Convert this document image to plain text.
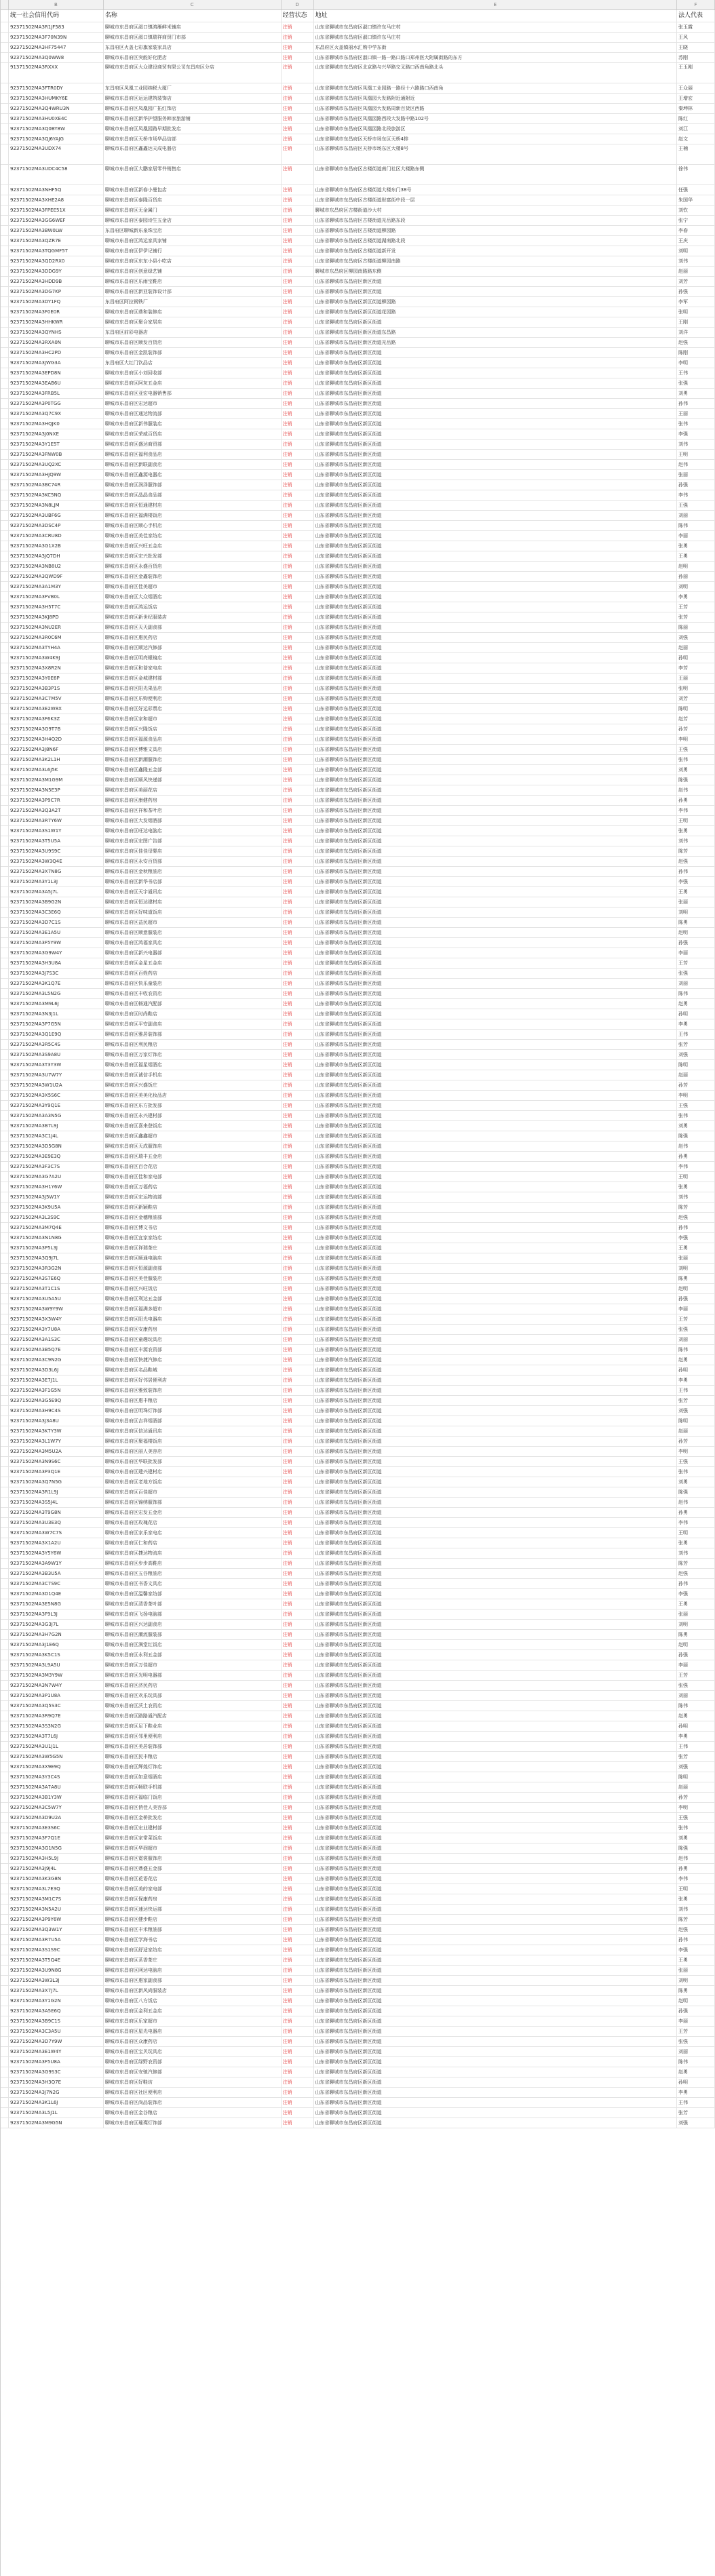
B	C	D	E	F
统一社会信用代码	名称	经营状态	地址	法人代表
92371502MA3R1JF583	聊城市东昌府区淑口镇鸿雁鲜米铺店	注销	山东省聊城市东昌府区淑口镇许东马庄村	张玉霞
92371502MA3F70N39N	聊城市东昌府区淑口镇瑞祥商贸门市部	注销	山东省聊城市东昌府区淑口镇许东马庄村	王风
92371502MA3HF75447	东昌府区火盖七彩旗家装家具店	注销	东昌府区火盖镇丽水汇购中学东街	王晓
92371502MA3Q0WW8	聊城市东昌府区突能好化肥店	注销	山东省聊城市东昌府区淑口镇一路一路口路口郑州医大附属街路的东方	苏刚
91371502MA3RXXX	聊城市东昌府区大众建设商贸有限公司东昌府区分店	注销	山东省聊城市东昌府区北京路与兴华路交叉路口西南角路北头	王玉刚
92371502MA3FTR0DY	东昌府区凤凰工业园纳税大厦厂	注销	山东省聊城市东昌府区凤凰工业园路一路经十六路路口西南角	王众丽
92371502MA3HUMKY6E	聊城市东昌府区运运建筑装饰店	注销	山东省聊城市东昌府区凤凰园大发路附近通附近	王增宏
92371502MA3Q4WRU3N	聊城市东昌府区凤凰园广拓红饰店	注销	山东省聊城市东昌府区凤凰园大发路周新百货区西路	秦坤林
92371502MA3HU0XE4C	聊城市东昌府区新华护望服务韩家旅游铺	注销	山东省聊城市东昌府区凤凰园路西段大发路中路102号	陈红
92371502MA3Q0BY8W	聊城市东昌府区凤凰园路早期批发店	注销	山东省聊城市东昌府区凤凰园路北段旅游区	刘江
92371502MA3QJ6YAJG	聊城市东昌府区天桥市场华品信部	注销	山东省聊城市东昌府区天桥市场东区天桥4排	赵文
92371502MA3UDX74	聊城市东昌府区鑫鑫达天成电器店	注销	山东省聊城市东昌府区天桥市场东区大楼8号	王楠
92371502MA3UDC4C58	聊城市东昌府区大鹏家居零件销售店	注销	山东省聊城市东昌府区古楼街道南门社区大楼路东侧	徐伟
92371502MA3NHF5Q	聊城市东昌府区新春小曼包店	注销	山东省聊城市东昌府区古楼街道大楼东门38号	任强
92371502MA3XHE2A8	聊城市东昌府区泰隆百货店	注销	山东省聊城市东昌府区古楼街道财富街中段一层	朱国华
92371502MA3FPEE51X	聊城市东昌府区无金属门	注销	聊城市东昌府区古楼街道沙大村	刘钦
92371502MA3GG6WEF	聊城市东昌府区泰园诗生五金店	注销	山东省聊城市东昌府区古楼街道光岳路东段	张宁
92371502MA3BW0LW	东昌府区聊城新东泉珠宝店	注销	山东省聊城市东昌府区古楼街道柳园路	李春
92371502MA3QZR7E	聊城市东昌府区鸿运家具家铺	注销	山东省聊城市东昌府区古楼街道湖南路北段	王庆
92371502MA3TQGMF5T	聊城市东昌府区伊伊记铺行	注销	山东省聊城市东昌府区古楼街道新开发	刘明
92371502MA3QD2RX0	聊城市东昌府区东东小县小吃店	注销	山东省聊城市东昌府区古楼街道柳园南路	刘伟
92371502MA3DDG9Y	聊城市东昌府区创意绿艺铺	注销	聊城市东昌府区柳园南路路东侧	赵丽
92371502MA3HDD9B	聊城市东昌府区乐雨宝鞋店	注销	山东省聊城市东昌府区新区街道	刘芳
92371502MA3DG7KP	聊城市东昌府区新亚装饰设计部	注销	山东省聊城市东昌府区新区街道	孙强
92371502MA3DY1FQ	东昌府区阿拉钢铁厂	注销	山东省聊城市东昌府区新区街道柳园路	李军
92371502MA3F0E0R	聊城市东昌府区鼎和装修店	注销	山东省聊城市东昌府区新区街道花园路	张明
92371502MA3HHKWR	聊城市东昌府区聚合家居店	注销	山东省聊城市东昌府区新区街道	王刚
92371502MA3QYNHS	东昌府区前彩电器店	注销	山东省聊城市东昌府区新区街道东昌路	刘洋
92371502MA3RXA0N	聊城市东昌府区顺发百货店	注销	山东省聊城市东昌府区新区街道光岳路	赵强
92371502MA3HC2PD	聊城市东昌府区金凯装饰部	注销	山东省聊城市东昌府区新区街道	陈刚
92371502MA3JWG3A	东昌府区大红门饮品店	注销	山东省聊城市东昌府区新区街道	李明
92371502MA3EPD8N	聊城市东昌府区小刘回收部	注销	山东省聊城市东昌府区新区街道	王伟
92371502MA3EAB6U	聊城市东昌府区阿灰五金店	注销	山东省聊城市东昌府区新区街道	张强
92371502MA3FRB5L	聊城市东昌府区亚宏电器销售部	注销	山东省聊城市东昌府区新区街道	刘勇
92371502MA3P0TGG	聊城市东昌府区宏达超市	注销	山东省聊城市东昌府区新区街道	孙伟
92371502MA3Q7C9X	聊城市东昌府区通达物流部	注销	山东省聊城市东昌府区新区街道	王丽
92371502MA3HQJK0	聊城市东昌府区新伟服装店	注销	山东省聊城市东昌府区新区街道	张伟
92371502MA3J0NXE	聊城市东昌府区荣威百货店	注销	山东省聊城市东昌府区新区街道	李强
92371502MA3Y1E5T	聊城市东昌府区盛达商贸部	注销	山东省聊城市东昌府区新区街道	刘伟
92371502MA3FNW0B	聊城市东昌府区福利食品店	注销	山东省聊城市东昌府区新区街道	王明
92371502MA3UQ2XC	聊城市东昌府区新联副食店	注销	山东省聊城市东昌府区新区街道	赵伟
92371502MA3HJQ9W	聊城市东昌府区鑫源电器店	注销	山东省聊城市东昌府区新区街道	张丽
92371502MA3BC74R	聊城市东昌府区润泽服饰部	注销	山东省聊城市东昌府区新区街道	孙强
92371502MA3KC5NQ	聊城市东昌府区晶晶食品部	注销	山东省聊城市东昌府区新区街道	李伟
92371502MA3N8LJM	聊城市东昌府区恒通建材店	注销	山东省聊城市东昌府区新区街道	王强
92371502MA3UBF6G	聊城市东昌府区福满楼饭店	注销	山东省聊城市东昌府区新区街道	刘丽
92371502MA3DSC4P	聊城市东昌府区顺心手机店	注销	山东省聊城市东昌府区新区街道	陈伟
92371502MA3CRU8D	聊城市东昌府区美佳家纺店	注销	山东省聊城市东昌府区新区街道	李丽
92371502MA3G1X2B	聊城市东昌府区兴旺五金店	注销	山东省聊城市东昌府区新区街道	张勇
92371502MA3JQ7DH	聊城市东昌府区宏兴批发部	注销	山东省聊城市东昌府区新区街道	王勇
92371502MA3NB8U2	聊城市东昌府区永盛百货店	注销	山东省聊城市东昌府区新区街道	赵明
92371502MA3QWD9F	聊城市东昌府区金鑫装饰店	注销	山东省聊城市东昌府区新区街道	孙丽
92371502MA3A1M3Y	聊城市东昌府区佳美超市	注销	山东省聊城市东昌府区新区街道	刘明
92371502MA3FVB0L	聊城市东昌府区大众烟酒店	注销	山东省聊城市东昌府区新区街道	李勇
92371502MA3H5T7C	聊城市东昌府区鸿运饭店	注销	山东省聊城市东昌府区新区街道	王芳
92371502MA3KJ8PD	聊城市东昌府区新世纪服装店	注销	山东省聊城市东昌府区新区街道	张芳
92371502MA3NU2ER	聊城市东昌府区天天副食部	注销	山东省聊城市东昌府区新区街道	陈丽
92371502MA3R0C6M	聊城市东昌府区惠民药店	注销	山东省聊城市东昌府区新区街道	刘强
92371502MA3TYH4A	聊城市东昌府区顺达汽修部	注销	山东省聊城市东昌府区新区街道	赵丽
92371502MA3W4K9J	聊城市东昌府区明亮眼镜店	注销	山东省聊城市东昌府区新区街道	孙明
92371502MA3X8R2N	聊城市东昌府区和谐家电店	注销	山东省聊城市东昌府区新区街道	李芳
92371502MA3Y0E6P	聊城市东昌府区金城建材部	注销	山东省聊城市东昌府区新区街道	王丽
92371502MA3B3P1S	聊城市东昌府区阳光果品店	注销	山东省聊城市东昌府区新区街道	张明
92371502MA3C7M5V	聊城市东昌府区乐购便利店	注销	山东省聊城市东昌府区新区街道	刘芳
92371502MA3E2W8X	聊城市东昌府区好运彩票店	注销	山东省聊城市东昌府区新区街道	陈明
92371502MA3F6K3Z	聊城市东昌府区家和超市	注销	山东省聊城市东昌府区新区街道	赵芳
92371502MA3G9T7B	聊城市东昌府区兴隆饭店	注销	山东省聊城市东昌府区新区街道	孙芳
92371502MA3H4Q2D	聊城市东昌府区福源食品店	注销	山东省聊城市东昌府区新区街道	李明
92371502MA3J8N6F	聊城市东昌府区博雅文具店	注销	山东省聊城市东昌府区新区街道	王强
92371502MA3K2L1H	聊城市东昌府区新潮服饰店	注销	山东省聊城市东昌府区新区街道	张伟
92371502MA3L6J5K	聊城市东昌府区鑫隆五金部	注销	山东省聊城市东昌府区新区街道	刘勇
92371502MA3M1G9M	聊城市东昌府区顺风快递部	注销	山东省聊城市东昌府区新区街道	陈强
92371502MA3N5E3P	聊城市东昌府区美丽花店	注销	山东省聊城市东昌府区新区街道	赵伟
92371502MA3P9C7R	聊城市东昌府区康健药房	注销	山东省聊城市东昌府区新区街道	孙勇
92371502MA3Q3A2T	聊城市东昌府区祥和茶叶店	注销	山东省聊城市东昌府区新区街道	李伟
92371502MA3R7Y6W	聊城市东昌府区大发烟酒部	注销	山东省聊城市东昌府区新区街道	王明
92371502MA3S1W1Y	聊城市东昌府区旺达电脑店	注销	山东省聊城市东昌府区新区街道	张勇
92371502MA3T5U5A	聊城市东昌府区宏图广告部	注销	山东省聊城市东昌府区新区街道	刘伟
92371502MA3U9S9C	聊城市东昌府区佳佳母婴店	注销	山东省聊城市东昌府区新区街道	陈芳
92371502MA3W3Q4E	聊城市东昌府区永安百货部	注销	山东省聊城市东昌府区新区街道	赵强
92371502MA3X7N8G	聊城市东昌府区金秋粮油店	注销	山东省聊城市东昌府区新区街道	孙伟
92371502MA3Y1L3J	聊城市东昌府区新华书店部	注销	山东省聊城市东昌府区新区街道	李强
92371502MA3A5J7L	聊城市东昌府区天宇通讯店	注销	山东省聊城市东昌府区新区街道	王勇
92371502MA3B9G2N	聊城市东昌府区恒达建材店	注销	山东省聊城市东昌府区新区街道	张丽
92371502MA3C3E6Q	聊城市东昌府区好味道饭店	注销	山东省聊城市东昌府区新区街道	刘明
92371502MA3D7C1S	聊城市东昌府区益民超市	注销	山东省聊城市东昌府区新区街道	陈勇
92371502MA3E1A5U	聊城市东昌府区顺意服装店	注销	山东省聊城市东昌府区新区街道	赵明
92371502MA3F5Y9W	聊城市东昌府区鸿福家具店	注销	山东省聊城市东昌府区新区街道	孙强
92371502MA3G9W4Y	聊城市东昌府区新兴电器部	注销	山东省聊城市东昌府区新区街道	李丽
92371502MA3H3U8A	聊城市东昌府区金星五金店	注销	山东省聊城市东昌府区新区街道	王芳
92371502MA3J7S3C	聊城市东昌府区百姓药店	注销	山东省聊城市东昌府区新区街道	张强
92371502MA3K1Q7E	聊城市东昌府区快乐童装店	注销	山东省聊城市东昌府区新区街道	刘丽
92371502MA3L5N2G	聊城市东昌府区丰收农资店	注销	山东省聊城市东昌府区新区街道	陈伟
92371502MA3M9L6J	聊城市东昌府区畅通汽配部	注销	山东省聊城市东昌府区新区街道	赵勇
92371502MA3N3J1L	聊城市东昌府区时尚鞋店	注销	山东省聊城市东昌府区新区街道	孙明
92371502MA3P7G5N	聊城市东昌府区平安副食店	注销	山东省聊城市东昌府区新区街道	李勇
92371502MA3Q1E9Q	聊城市东昌府区雅居装饰部	注销	山东省聊城市东昌府区新区街道	王伟
92371502MA3R5C4S	聊城市东昌府区利民粮店	注销	山东省聊城市东昌府区新区街道	张芳
92371502MA3S9A8U	聊城市东昌府区万家灯饰店	注销	山东省聊城市东昌府区新区街道	刘强
92371502MA3T3Y3W	聊城市东昌府区福星烟酒店	注销	山东省聊城市东昌府区新区街道	陈明
92371502MA3U7W7Y	聊城市东昌府区诚信手机店	注销	山东省聊城市东昌府区新区街道	赵丽
92371502MA3W1U2A	聊城市东昌府区兴盛饭庄	注销	山东省聊城市东昌府区新区街道	孙芳
92371502MA3X5S6C	聊城市东昌府区美美化妆品店	注销	山东省聊城市东昌府区新区街道	李明
92371502MA3Y9Q1E	聊城市东昌府区东方批发部	注销	山东省聊城市东昌府区新区街道	王强
92371502MA3A3N5G	聊城市东昌府区永兴建材部	注销	山东省聊城市东昌府区新区街道	张伟
92371502MA3B7L9J	聊城市东昌府区喜来登饭店	注销	山东省聊城市东昌府区新区街道	刘勇
92371502MA3C1J4L	聊城市东昌府区鑫鑫超市	注销	山东省聊城市东昌府区新区街道	陈强
92371502MA3D5G8N	聊城市东昌府区天成服饰店	注销	山东省聊城市东昌府区新区街道	赵伟
92371502MA3E9E3Q	聊城市东昌府区瑞丰五金店	注销	山东省聊城市东昌府区新区街道	孙勇
92371502MA3F3C7S	聊城市东昌府区百合花店	注销	山东省聊城市东昌府区新区街道	李伟
92371502MA3G7A2U	聊城市东昌府区佳和家电部	注销	山东省聊城市东昌府区新区街道	王明
92371502MA3H1Y6W	聊城市东昌府区万福药店	注销	山东省聊城市东昌府区新区街道	张勇
92371502MA3J5W1Y	聊城市东昌府区宏运物流部	注销	山东省聊城市东昌府区新区街道	刘伟
92371502MA3K9U5A	聊城市东昌府区新颖鞋店	注销	山东省聊城市东昌府区新区街道	陈芳
92371502MA3L3S9C	聊城市东昌府区金穗粮油部	注销	山东省聊城市东昌府区新区街道	赵强
92371502MA3M7Q4E	聊城市东昌府区博文书店	注销	山东省聊城市东昌府区新区街道	孙伟
92371502MA3N1N8G	聊城市东昌府区宜家家纺店	注销	山东省聊城市东昌府区新区街道	李强
92371502MA3P5L3J	聊城市东昌府区祥瑞茶庄	注销	山东省聊城市东昌府区新区街道	王勇
92371502MA3Q9J7L	聊城市东昌府区顺通电脑店	注销	山东省聊城市东昌府区新区街道	张丽
92371502MA3R3G2N	聊城市东昌府区恒源副食部	注销	山东省聊城市东昌府区新区街道	刘明
92371502MA3S7E6Q	聊城市东昌府区美佳服装店	注销	山东省聊城市东昌府区新区街道	陈勇
92371502MA3T1C1S	聊城市东昌府区兴旺饭店	注销	山东省聊城市东昌府区新区街道	赵明
92371502MA3U5A5U	聊城市东昌府区利达五金部	注销	山东省聊城市东昌府区新区街道	孙强
92371502MA3W9Y9W	聊城市东昌府区福满多超市	注销	山东省聊城市东昌府区新区街道	李丽
92371502MA3X3W4Y	聊城市东昌府区阳光电器店	注销	山东省聊城市东昌府区新区街道	王芳
92371502MA3Y7U8A	聊城市东昌府区安康药房	注销	山东省聊城市东昌府区新区街道	张强
92371502MA3A1S3C	聊城市东昌府区童趣玩具店	注销	山东省聊城市东昌府区新区街道	刘丽
92371502MA3B5Q7E	聊城市东昌府区丰源农资部	注销	山东省聊城市东昌府区新区街道	陈伟
92371502MA3C9N2G	聊城市东昌府区快捷汽修店	注销	山东省聊城市东昌府区新区街道	赵勇
92371502MA3D3L6J	聊城市东昌府区名品鞋城	注销	山东省聊城市东昌府区新区街道	孙明
92371502MA3E7J1L	聊城市东昌府区好邻居便利店	注销	山东省聊城市东昌府区新区街道	李勇
92371502MA3F1G5N	聊城市东昌府区雅致装饰店	注销	山东省聊城市东昌府区新区街道	王伟
92371502MA3G5E9Q	聊城市东昌府区惠丰粮店	注销	山东省聊城市东昌府区新区街道	张芳
92371502MA3H9C4S	聊城市东昌府区明珠灯饰部	注销	山东省聊城市东昌府区新区街道	刘强
92371502MA3J3A8U	聊城市东昌府区吉祥烟酒部	注销	山东省聊城市东昌府区新区街道	陈明
92371502MA3K7Y3W	聊城市东昌府区信达通讯店	注销	山东省聊城市东昌府区新区街道	赵丽
92371502MA3L1W7Y	聊城市东昌府区聚福楼饭店	注销	山东省聊城市东昌府区新区街道	孙芳
92371502MA3M5U2A	聊城市东昌府区丽人美容店	注销	山东省聊城市东昌府区新区街道	李明
92371502MA3N9S6C	聊城市东昌府区华联批发部	注销	山东省聊城市东昌府区新区街道	王强
92371502MA3P3Q1E	聊城市东昌府区建兴建材店	注销	山东省聊城市东昌府区新区街道	张伟
92371502MA3Q7N5G	聊城市东昌府区老地方饭店	注销	山东省聊城市东昌府区新区街道	刘勇
92371502MA3R1L9J	聊城市东昌府区百佳超市	注销	山东省聊城市东昌府区新区街道	陈强
92371502MA3S5J4L	聊城市东昌府区锦绣服饰部	注销	山东省聊城市东昌府区新区街道	赵伟
92371502MA3T9G8N	聊城市东昌府区宏发五金店	注销	山东省聊城市东昌府区新区街道	孙勇
92371502MA3U3E3Q	聊城市东昌府区玫瑰花店	注销	山东省聊城市东昌府区新区街道	李伟
92371502MA3W7C7S	聊城市东昌府区家乐家电店	注销	山东省聊城市东昌府区新区街道	王明
92371502MA3X1A2U	聊城市东昌府区仁和药店	注销	山东省聊城市东昌府区新区街道	张勇
92371502MA3Y5Y6W	聊城市东昌府区捷达物流店	注销	山东省聊城市东昌府区新区街道	刘伟
92371502MA3A9W1Y	聊城市东昌府区步步高鞋店	注销	山东省聊城市东昌府区新区街道	陈芳
92371502MA3B3U5A	聊城市东昌府区五谷粮油店	注销	山东省聊城市东昌府区新区街道	赵强
92371502MA3C7S9C	聊城市东昌府区书香文具店	注销	山东省聊城市东昌府区新区街道	孙伟
92371502MA3D1Q4E	聊城市东昌府区温馨家纺部	注销	山东省聊城市东昌府区新区街道	李强
92371502MA3E5N8G	聊城市东昌府区清香茶叶部	注销	山东省聊城市东昌府区新区街道	王勇
92371502MA3F9L3J	聊城市东昌府区飞扬电脑部	注销	山东省聊城市东昌府区新区街道	张丽
92371502MA3G3J7L	聊城市东昌府区兴达副食店	注销	山东省聊城市东昌府区新区街道	刘明
92371502MA3H7G2N	聊城市东昌府区潮流服装部	注销	山东省聊城市东昌府区新区街道	陈勇
92371502MA3J1E6Q	聊城市东昌府区满堂红饭店	注销	山东省聊城市东昌府区新区街道	赵明
92371502MA3K5C1S	聊城市东昌府区永利五金部	注销	山东省聊城市东昌府区新区街道	孙强
92371502MA3L9A5U	聊城市东昌府区万佳超市	注销	山东省聊城市东昌府区新区街道	李丽
92371502MA3M3Y9W	聊城市东昌府区光明电器部	注销	山东省聊城市东昌府区新区街道	王芳
92371502MA3N7W4Y	聊城市东昌府区济民药店	注销	山东省聊城市东昌府区新区街道	张强
92371502MA3P1U8A	聊城市东昌府区欢乐玩具部	注销	山东省聊城市东昌府区新区街道	刘丽
92371502MA3Q5S3C	聊城市东昌府区沃土农资店	注销	山东省聊城市东昌府区新区街道	陈伟
92371502MA3R9Q7E	聊城市东昌府区路路通汽配店	注销	山东省聊城市东昌府区新区街道	赵勇
92371502MA3S3N2G	聊城市东昌府区足下鞋业店	注销	山东省聊城市东昌府区新区街道	孙明
92371502MA3T7L6J	聊城市东昌府区邻里便利店	注销	山东省聊城市东昌府区新区街道	李勇
92371502MA3U1J1L	聊城市东昌府区美居装饰部	注销	山东省聊城市东昌府区新区街道	王伟
92371502MA3W5G5N	聊城市东昌府区民丰粮店	注销	山东省聊城市东昌府区新区街道	张芳
92371502MA3X9E9Q	聊城市东昌府区辉煌灯饰店	注销	山东省聊城市东昌府区新区街道	刘强
92371502MA3Y3C4S	聊城市东昌府区如意烟酒店	注销	山东省聊城市东昌府区新区街道	陈明
92371502MA3A7A8U	聊城市东昌府区畅联手机部	注销	山东省聊城市东昌府区新区街道	赵丽
92371502MA3B1Y3W	聊城市东昌府区福临门饭店	注销	山东省聊城市东昌府区新区街道	孙芳
92371502MA3C5W7Y	聊城市东昌府区俏佳人美容部	注销	山东省聊城市东昌府区新区街道	李明
92371502MA3D9U2A	聊城市东昌府区金桥批发店	注销	山东省聊城市东昌府区新区街道	王强
92371502MA3E3S6C	聊城市东昌府区宏业建材部	注销	山东省聊城市东昌府区新区街道	张伟
92371502MA3F7Q1E	聊城市东昌府区家常菜饭店	注销	山东省聊城市东昌府区新区街道	刘勇
92371502MA3G1N5G	聊城市东昌府区华润超市	注销	山东省聊城市东昌府区新区街道	陈强
92371502MA3H5L9J	聊城市东昌府区霓裳服饰店	注销	山东省聊城市东昌府区新区街道	赵伟
92371502MA3J9J4L	聊城市东昌府区鼎盛五金部	注销	山东省聊城市东昌府区新区街道	孙勇
92371502MA3K3G8N	聊城市东昌府区花语花店	注销	山东省聊城市东昌府区新区街道	李伟
92371502MA3L7E3Q	聊城市东昌府区美的家电部	注销	山东省聊城市东昌府区新区街道	王明
92371502MA3M1C7S	聊城市东昌府区保康药房	注销	山东省聊城市东昌府区新区街道	张勇
92371502MA3N5A2U	聊城市东昌府区速达快运部	注销	山东省聊城市东昌府区新区街道	刘伟
92371502MA3P9Y6W	聊城市东昌府区健步鞋店	注销	山东省聊城市东昌府区新区街道	陈芳
92371502MA3Q3W1Y	聊城市东昌府区丰禾粮油部	注销	山东省聊城市东昌府区新区街道	赵强
92371502MA3R7U5A	聊城市东昌府区学海书店	注销	山东省聊城市东昌府区新区街道	孙伟
92371502MA3S1S9C	聊城市东昌府区舒适家纺店	注销	山东省聊城市东昌府区新区街道	李强
92371502MA3T5Q4E	聊城市东昌府区茗香茶庄	注销	山东省聊城市东昌府区新区街道	王勇
92371502MA3U9N8G	聊城市东昌府区网达电脑店	注销	山东省聊城市东昌府区新区街道	张丽
92371502MA3W3L3J	聊城市东昌府区惠家副食部	注销	山东省聊城市东昌府区新区街道	刘明
92371502MA3X7J7L	聊城市东昌府区新风尚服装店	注销	山东省聊城市东昌府区新区街道	陈勇
92371502MA3Y1G2N	聊城市东昌府区八方饭店	注销	山东省聊城市东昌府区新区街道	赵明
92371502MA3A5E6Q	聊城市东昌府区金利五金店	注销	山东省聊城市东昌府区新区街道	孙强
92371502MA3B9C1S	聊城市东昌府区乐家超市	注销	山东省聊城市东昌府区新区街道	李丽
92371502MA3C3A5U	聊城市东昌府区星光电器店	注销	山东省聊城市东昌府区新区街道	王芳
92371502MA3D7Y9W	聊城市东昌府区众康药店	注销	山东省聊城市东昌府区新区街道	张强
92371502MA3E1W4Y	聊城市东昌府区宝贝玩具店	注销	山东省聊城市东昌府区新区街道	刘丽
92371502MA3F5U8A	聊城市东昌府区绿野农资部	注销	山东省聊城市东昌府区新区街道	陈伟
92371502MA3G9S3C	聊城市东昌府区安驰汽修部	注销	山东省聊城市东昌府区新区街道	赵勇
92371502MA3H3Q7E	聊城市东昌府区好鞋坊	注销	山东省聊城市东昌府区新区街道	孙明
92371502MA3J7N2G	聊城市东昌府区社区便利店	注销	山东省聊城市东昌府区新区街道	李勇
92371502MA3K1L6J	聊城市东昌府区尚品装饰店	注销	山东省聊城市东昌府区新区街道	王伟
92371502MA3L5J1L	聊城市东昌府区金谷粮店	注销	山东省聊城市东昌府区新区街道	张芳
92371502MA3M9G5N	聊城市东昌府区璀璨灯饰部	注销	山东省聊城市东昌府区新区街道	刘强
